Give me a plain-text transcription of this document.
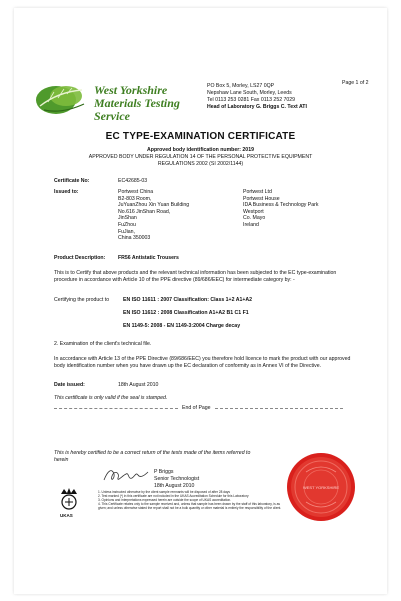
West Yorkshire
Materials Testing
Service
PO Box 5, Morley, LS27 0QP
Nepshaw Lane South, Morley, Leeds
Tel 0113 253 0281 Fax 0113 252 7029
Head of Laboratory G. Briggs C. Text ATI
Page 1 of 2
EC TYPE-EXAMINATION CERTIFICATE
Approved body identification number: 2019
APPROVED BODY UNDER REGULATION 14 OF THE PERSONAL PROTECTIVE EQUIPMENT
REGULATIONS 2002 (SI 2002/1144)
Certificate No:	EC42685-03
Issued to:	Portwest China
B2-803 Room,
JuYuanZhou Xin Yuan Building
No.616 JinShan Road,
JinShan
FuZhou
FuJian,
China 350003
Portwest Ltd
Portwest House
IDA Business & Technology Park
Westport
Co. Mayo
Ireland
Product Description: FR56 Antistatic Trousers
This is to Certify that above products and the relevant technical information has been subjected to the EC type-examination procedure in accordance with Article 10 of the PPE directive (89/686/EEC) for intermediate category by: -
Certifying the product to	EN ISO 11611 : 2007 Classification: Class 1+2 A1+A2
EN ISO 11612 : 2008 Classification A1+A2 B1 C1 F1
EN 1149-5: 2008 - EN 1149-3:2004 Charge decay
2. Examination of the client's technical file.
In accordance with Article 13 of the PPE Directive (89/686/EEC) you therefore hold licence to mark the product with our approved body identification number when you have drawn up the EC declaration of conformity as in Annex VI of the Directive.
Date issued:	18th August 2010
This certificate is only valid if the seal is stamped.
End of Page
This is hereby certified to be a correct return of the tests made of the items referred to herein
P Briggs
Senior Technologist
18th August 2010
UKAS
1. Unless instructed otherwise by the client sample remnants will be disposed of after 28 days
2. Test marked (*) in this certificate are not included in the UKAS Accreditation Schedule for this Laboratory
3. Opinions and interpretations expressed herein are outside the scope of UKAS accreditation.
4. This Certificate relates only to the sample received and, unless that sample has been drawn by the staff of this laboratory, is as given; and unless otherwise stated the report shall not be a bulk quantity or other material is entirely the responsibility of the client.
WEST YORKSHIRE
